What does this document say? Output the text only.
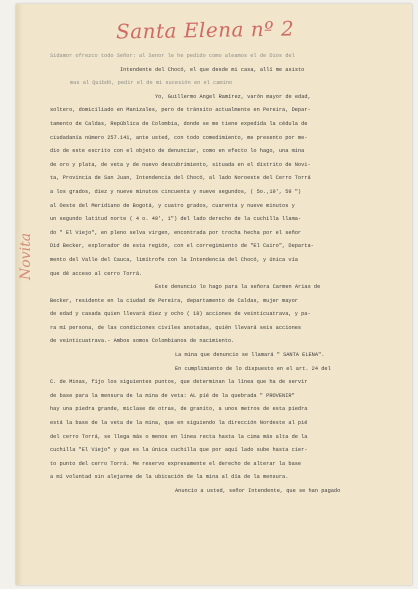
Santa Elena nº 2
Novita
Sidamor ofrezco todo Señor: al Senor le he pedido como aleamos el de Dios del
Intendente del Chocó, el que desde mi casa, allí me asisto
mas al Quibdó, pedir el de mi sucesión en el camino
Yo, Guillermo Angel Ramírez, varón mayor de edad,
soltero, domiciliado en Manizales, pero de tránsito actualmente en Pereira, Depar-
tamento de Caldas, República de Colombia, donde se me tiene expedida la cédula de
ciudadanía número 257.141, ante usted, con todo comedimiento, me presento por me-
dio de este escrito con el objeto de denunciar, como en efecto lo hago, una mina
de oro y plata, de veta y de nuevo descubrimiento, situada en el distrito de Novi-
ta, Provincia de San Juan, Intendencia del Chocó, al lado Noroeste del Cerro Torrá
a los grados, diez y nueve minutos cincuenta y nueve segundos, ( 5o.,19', 59 ")
al Oeste del Meridiano de Bogotá, y cuatro grados, cuarenta y nueve minutos y
un segundo latitud norte ( 4 o. 49', 1") del lado derecho de la cuchilla llama-
do " El Viejo", en pleno selva virgen, encontrada por trocha hecha por el señor
Did Becker, explorador de esta región, con el corregimiento de "El Cairo", Departa-
mento del Valle del Cauca, limítrofe con la Intendencia del Chocó, y única vía
que dé acceso al cerro Torrá.
Este denuncio lo hago para la señora Carmen Arias de
Becker, residente en la ciudad de Pereira, departamento de Caldas, mujer mayor
de edad y casada quien llevará diez y ocho ( 18) acciones de veinticuatrava, y pa-
ra mí persona, de las condiciones civiles anotadas, quién llevará seis acciones
de veinticuatrava.- Ambos somos Colombianos de nacimiento.
La mina que denuncio se llamará " SANTA ELENA".
En cumplimiento de lo dispuesto en el art. 24 del
C. de Minas, fijo los siguientes puntos, que determinan la línea que ha de servir
de base para la mensura de la mina de veta: AL pié de la quebrada " PROVENIR"
hay una piedra grande, miclase de otras, de granito, a unos metros de esta piedra
está la base de la veta de la mina, que en siguiendo la dirección Nordeste al pié
del cerro Torrá, se llega más o menos en línea recta hasta la cima más alta de la
cuchilla "El Viejo" y que es la única cuchilla que por aquí lado sube hasta cier-
to punto del cerro Torrá. Me reservo expresamente el derecho de alterar la base
a mí voluntad sin alejarme de la ubicación de la mina al día de la mensura.
Anuncio a usted, señor Intendente, que se han pagado
